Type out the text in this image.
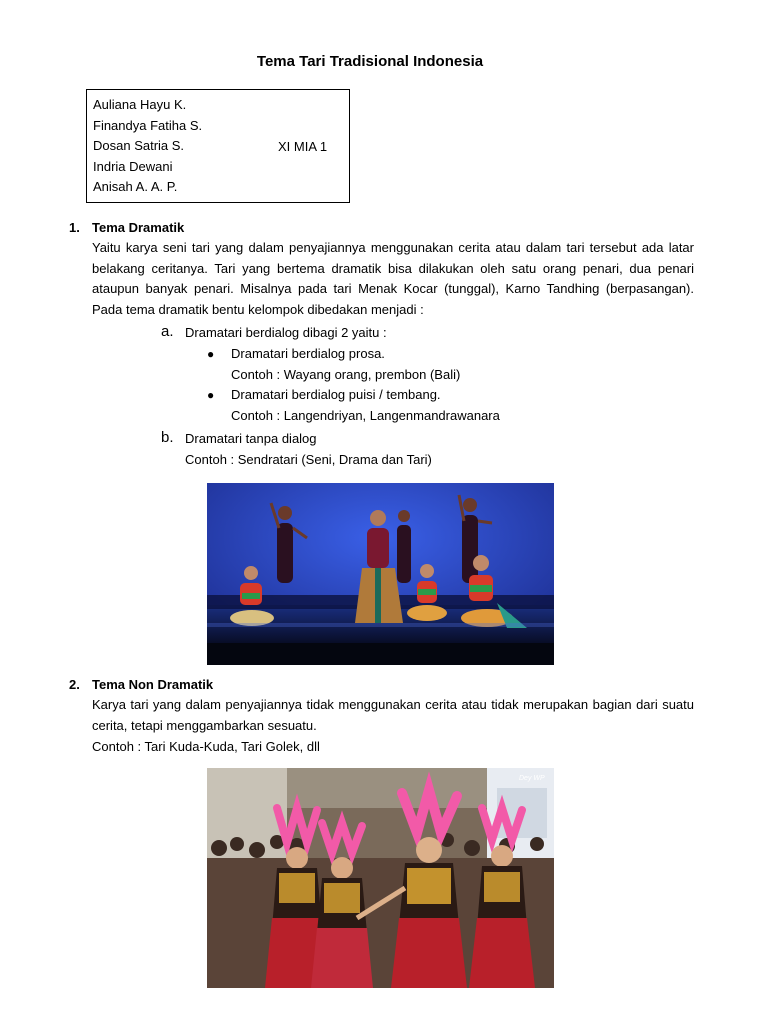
Tema Tari Tradisional Indonesia
Auliana Hayu K.
Finandya Fatiha S.
Dosan Satria S.
Indria Dewani
Anisah A. A. P.
XI MIA 1
1. Tema Dramatik
Yaitu karya seni tari yang dalam penyajiannya menggunakan cerita atau dalam tari tersebut ada latar belakang ceritanya. Tari yang bertema dramatik bisa dilakukan oleh satu orang penari, dua penari ataupun banyak penari. Misalnya pada tari Menak Kocar (tunggal), Karno Tandhing (berpasangan). Pada tema dramatik bentu kelompok dibedakan menjadi :
a. Dramatari berdialog dibagi 2 yaitu :
● Dramatari berdialog prosa.
Contoh : Wayang orang, prembon (Bali)
● Dramatari berdialog puisi / tembang.
Contoh : Langendriyan, Langenmandrawanara
b. Dramatari tanpa dialog
Contoh : Sendratari (Seni, Drama dan Tari)
2. Tema Non Dramatik
Karya tari yang dalam penyajiannya tidak menggunakan cerita atau tidak merupakan bagian dari suatu cerita, tetapi menggambarkan sesuatu.
Contoh : Tari Kuda-Kuda, Tari Golek, dll
Dey WP
